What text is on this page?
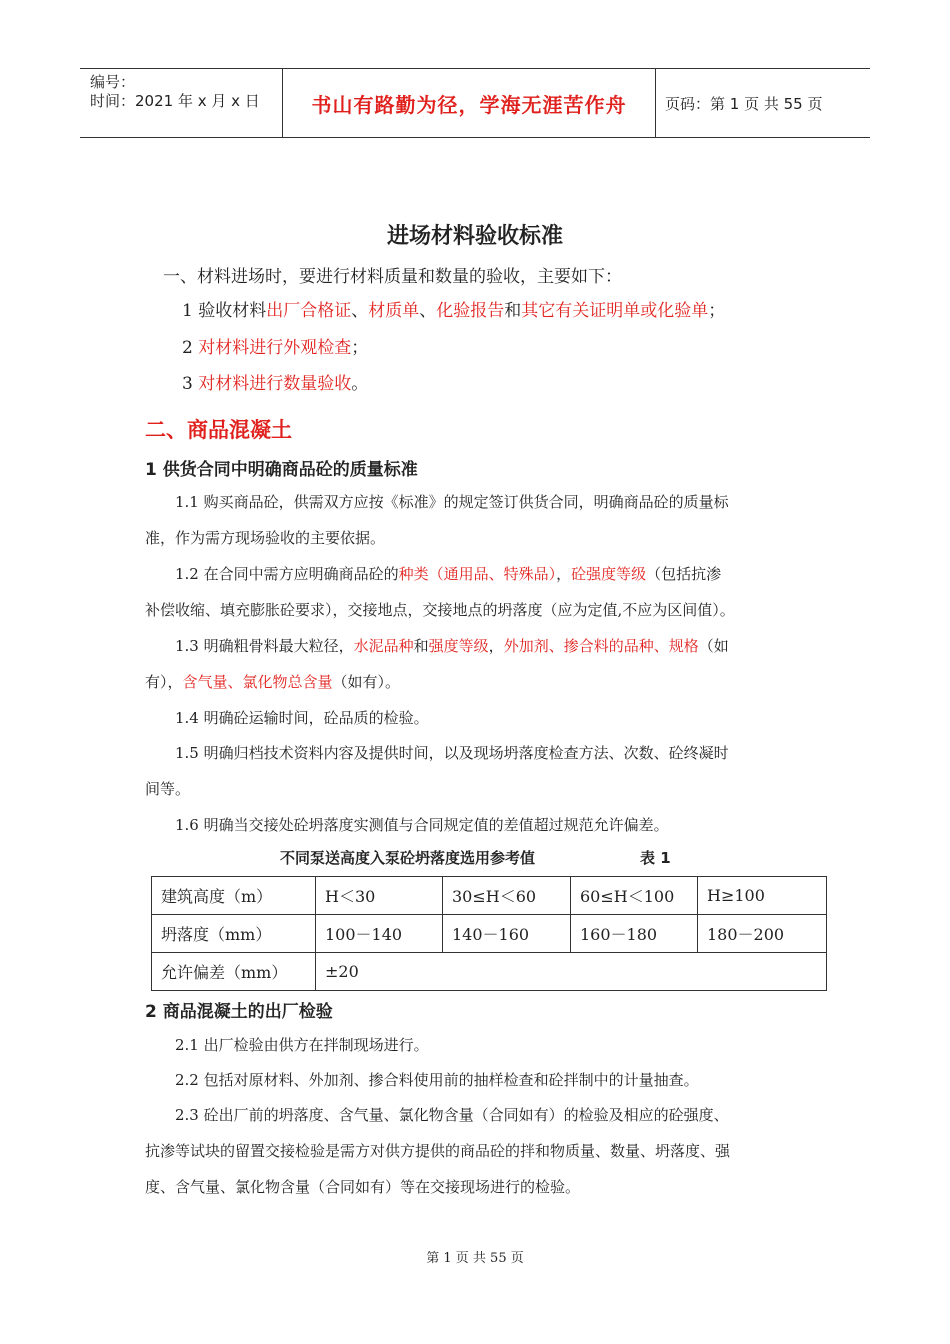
编号：
时间：2021 年 x 月 x 日	书山有路勤为径，学海无涯苦作舟	页码：第 1 页 共 55 页
进场材料验收标准
一、材料进场时，要进行材料质量和数量的验收，主要如下：
1 验收材料出厂合格证、材质单、化验报告和其它有关证明单或化验单；
2 对材料进行外观检查；
3 对材料进行数量验收。
二、商品混凝土
1 供货合同中明确商品砼的质量标准
1.1 购买商品砼，供需双方应按《标准》的规定签订供货合同，明确商品砼的质量标
准，作为需方现场验收的主要依据。
1.2 在合同中需方应明确商品砼的种类（通用品、特殊品），砼强度等级（包括抗渗
补偿收缩、填充膨胀砼要求），交接地点，交接地点的坍落度（应为定值,不应为区间值）。
1.3 明确粗骨料最大粒径，水泥品种和强度等级，外加剂、掺合料的品种、规格（如
有），含气量、氯化物总含量（如有）。
1.4 明确砼运输时间，砼品质的检验。
1.5 明确归档技术资料内容及提供时间，以及现场坍落度检查方法、次数、砼终凝时
间等。
1.6 明确当交接处砼坍落度实测值与合同规定值的差值超过规范允许偏差。
不同泵送高度入泵砼坍落度选用参考值	表 1
建筑高度（m）	H＜30	30≤H＜60	60≤H＜100	H≥100
坍落度（mm）	100－140	140－160	160－180	180－200
允许偏差（mm）	±20			
2 商品混凝土的出厂检验
2.1 出厂检验由供方在拌制现场进行。
2.2 包括对原材料、外加剂、掺合料使用前的抽样检查和砼拌制中的计量抽查。
2.3 砼出厂前的坍落度、含气量、氯化物含量（合同如有）的检验及相应的砼强度、
抗渗等试块的留置交接检验是需方对供方提供的商品砼的拌和物质量、数量、坍落度、强
度、含气量、氯化物含量（合同如有）等在交接现场进行的检验。
第 1 页 共 55 页
